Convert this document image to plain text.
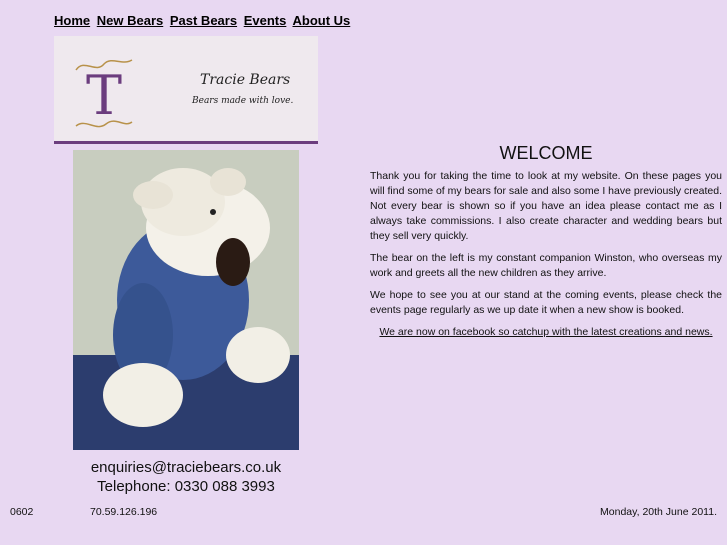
Home New Bears Past Bears Events About Us
T	Tracie Bears
Bears made with love.
enquiries@traciebears.co.uk
Telephone: 0330 088 3993
WELCOME

Thank you for taking the time to look at my website. On these pages you will find some of my bears for sale and also some I have previously created. Not every bear is shown so if you have an idea please contact me as I always take commissions. I also create character and wedding bears but they sell very quickly.

The bear on the left is my constant companion Winston, who overseas my work and greets all the new children as they arrive.

We hope to see you at our stand at the coming events, please check the events page regularly as we up date it when a new show is booked.

We are now on facebook so catchup with the latest creations and news.

0602	70.59.126.196	Monday, 20th June 2011.
